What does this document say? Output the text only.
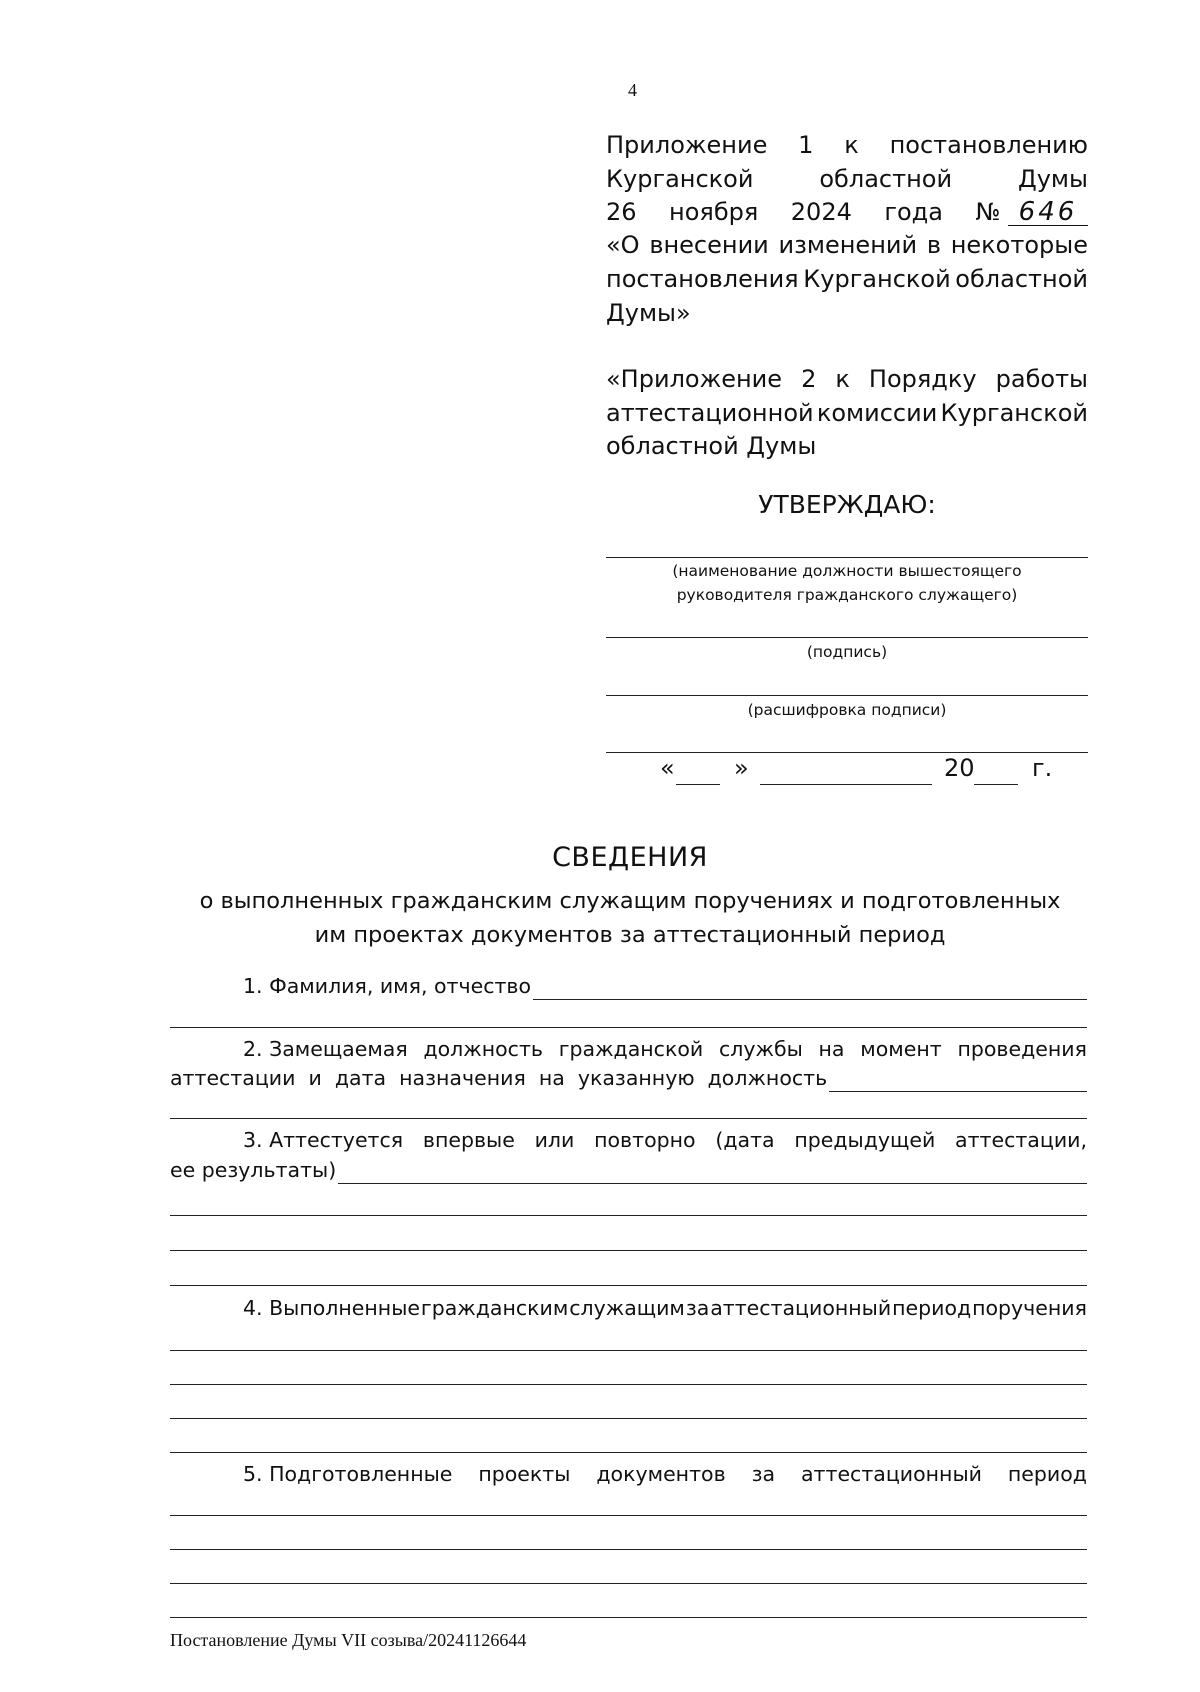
4
Приложение 1 к постановлению
Курганской	областной	Думы
26 ноября 2024 года № 646
«О внесении изменений в некоторые
постановления Курганской областной
Думы»
«Приложение 2 к Порядку работы
аттестационной комиссии Курганской
областной Думы
УТВЕРЖДАЮ:
(наименование должности вышестоящего
руководителя гражданского служащего)
(подпись)
(расшифровка подписи)
« »	20 г.
СВЕДЕНИЯ
о выполненных гражданским служащим поручениях и подготовленных
им проектах документов за аттестационный период
1. Фамилия, имя, отчество
2. Замещаемая должность гражданской службы на момент проведения
аттестации
и
дата
назначения
на
указанную
должность
3. Аттестуется впервые или повторно (дата предыдущей аттестации,
ее результаты)
4. Выполненные гражданским служащим за аттестационный период поручения
5. Подготовленные проекты документов за аттестационный период
Постановление Думы VII созыва/20241126644
